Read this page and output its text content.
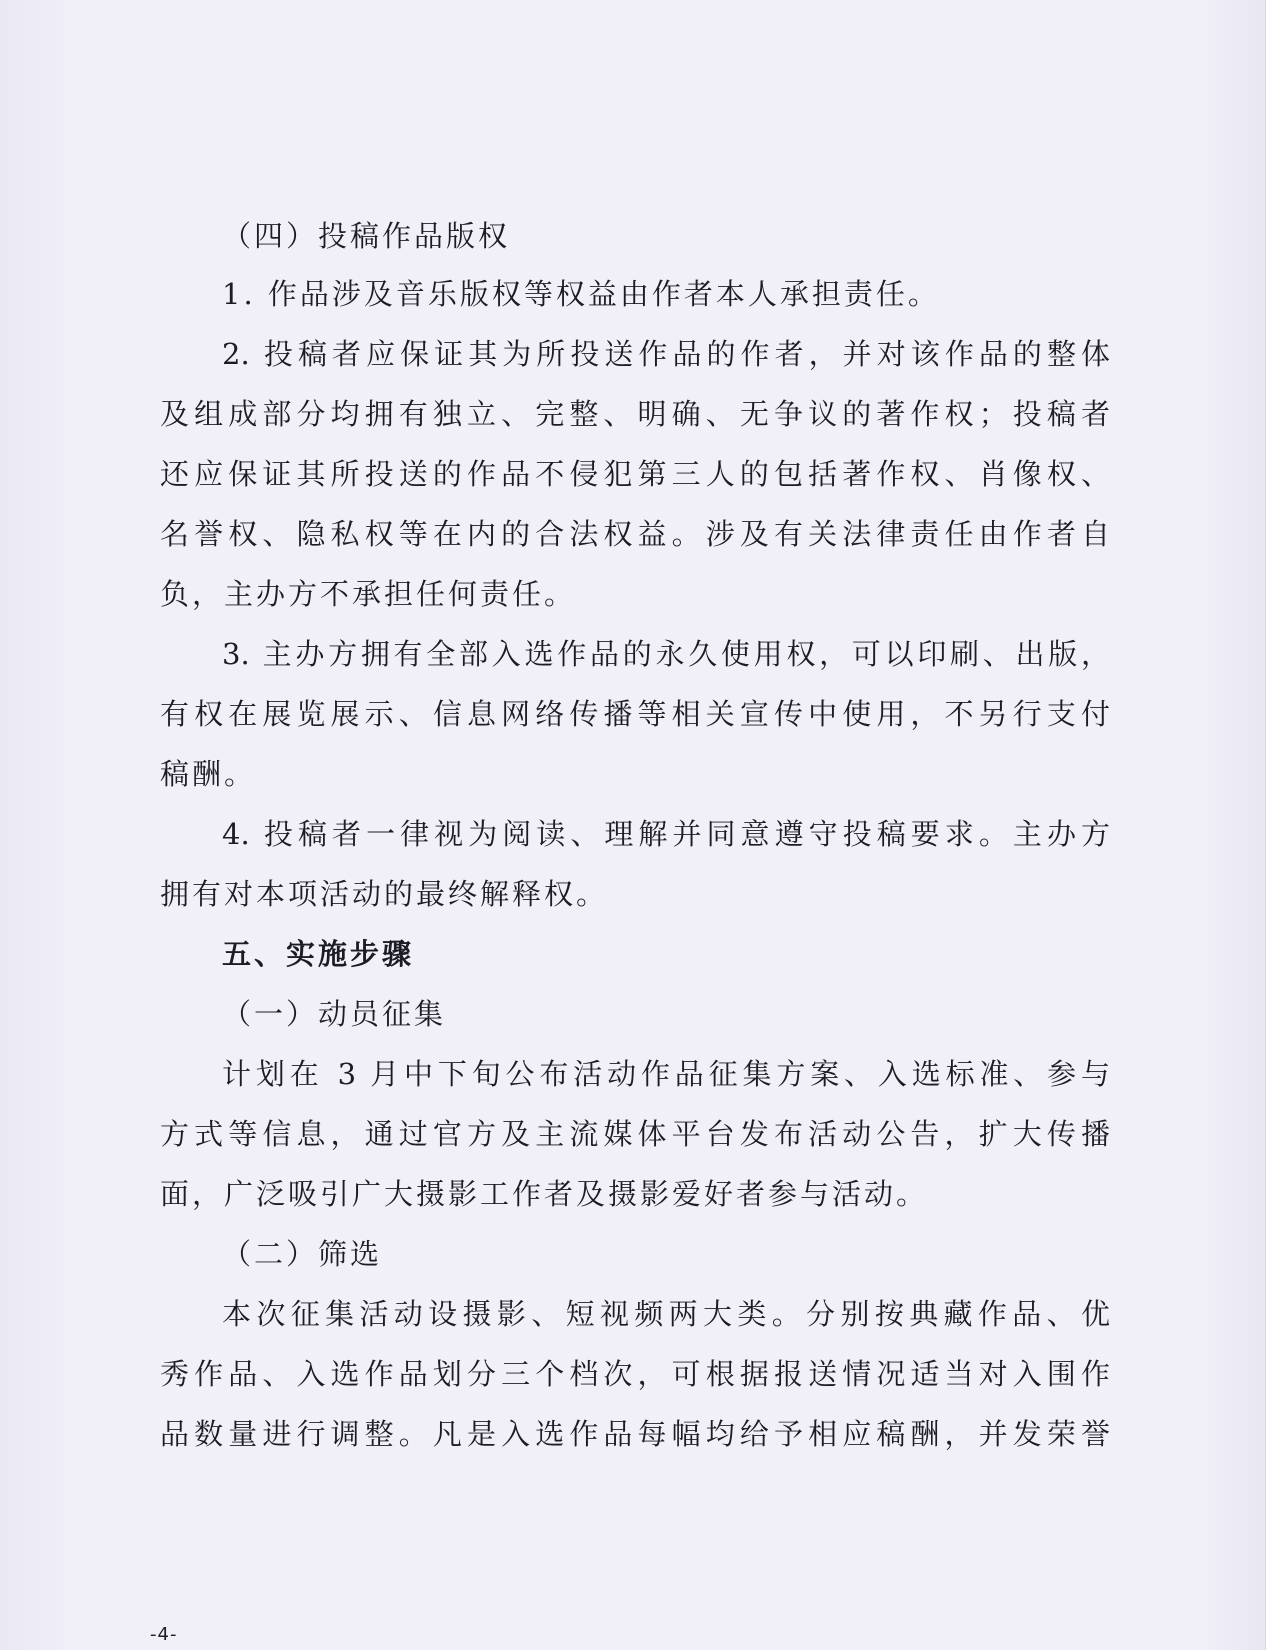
（四）投稿作品版权
1. 作品涉及音乐版权等权益由作者本人承担责任。
2. 投稿者应保证其为所投送作品的作者，并对该作品的整体
及组成部分均拥有独立、完整、明确、无争议的著作权；投稿者
还应保证其所投送的作品不侵犯第三人的包括著作权、肖像权、
名誉权、隐私权等在内的合法权益。涉及有关法律责任由作者自
负，主办方不承担任何责任。
3. 主办方拥有全部入选作品的永久使用权，可以印刷、出版，
有权在展览展示、信息网络传播等相关宣传中使用，不另行支付
稿酬。
4. 投稿者一律视为阅读、理解并同意遵守投稿要求。主办方
拥有对本项活动的最终解释权。
五、实施步骤
（一）动员征集
计划在 3 月中下旬公布活动作品征集方案、入选标准、参与
方式等信息，通过官方及主流媒体平台发布活动公告，扩大传播
面，广泛吸引广大摄影工作者及摄影爱好者参与活动。
（二）筛选
本次征集活动设摄影、短视频两大类。分别按典藏作品、优
秀作品、入选作品划分三个档次，可根据报送情况适当对入围作
品数量进行调整。凡是入选作品每幅均给予相应稿酬，并发荣誉
-4-
